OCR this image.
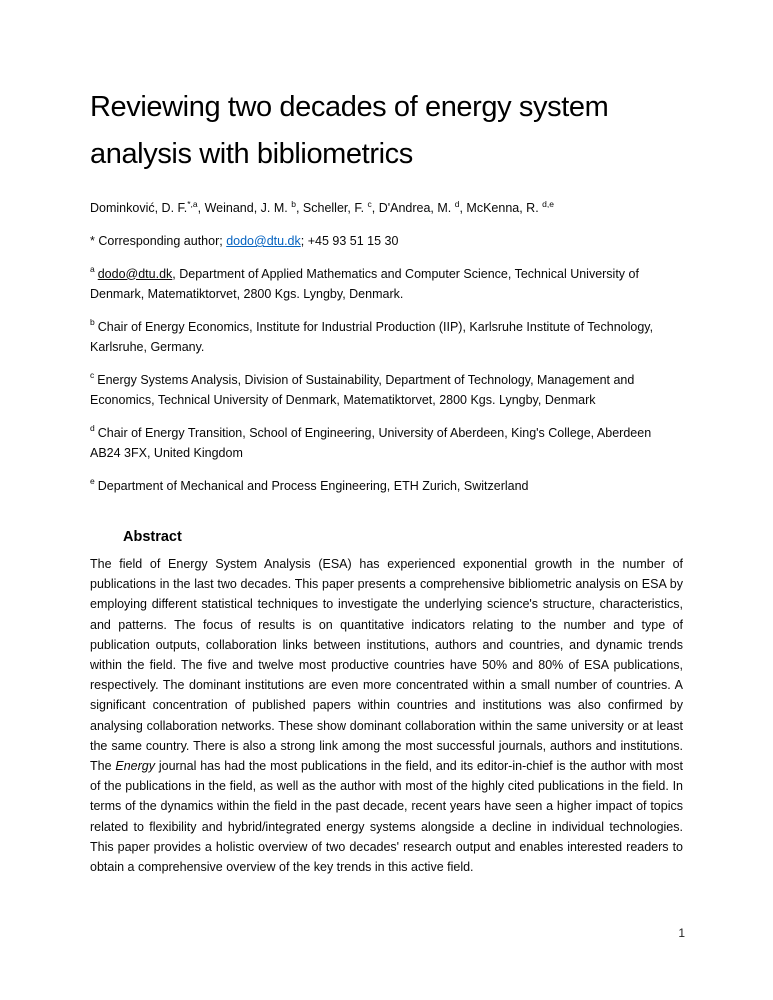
Reviewing two decades of energy system
analysis with bibliometrics

Dominković, D. F.$^{*,a}$, Weinand, J. M. $^b$, Scheller, F. $^c$, D'Andrea, M. $^d$, McKenna, R. $^{d,e}$

* Corresponding author; dodo@dtu.dk; +45 93 51 15 30

$^a$ dodo@dtu.dk, Department of Applied Mathematics and Computer Science, Technical University of Denmark, Matematiktorvet, 2800 Kgs. Lyngby, Denmark.

$^b$ Chair of Energy Economics, Institute for Industrial Production (IIP), Karlsruhe Institute of Technology, Karlsruhe, Germany.

$^c$ Energy Systems Analysis, Division of Sustainability, Department of Technology, Management and Economics, Technical University of Denmark, Matematiktorvet, 2800 Kgs. Lyngby, Denmark

$^d$ Chair of Energy Transition, School of Engineering, University of Aberdeen, King's College, Aberdeen AB24 3FX, United Kingdom

$^e$ Department of Mechanical and Process Engineering, ETH Zurich, Switzerland

Abstract

The field of Energy System Analysis (ESA) has experienced exponential growth in the number of publications in the last two decades. This paper presents a comprehensive bibliometric analysis on ESA by employing different statistical techniques to investigate the underlying science's structure, characteristics, and patterns. The focus of results is on quantitative indicators relating to the number and type of publication outputs, collaboration links between institutions, authors and countries, and dynamic trends within the field. The five and twelve most productive countries have 50% and 80% of ESA publications, respectively. The dominant institutions are even more concentrated within a small number of countries. A significant concentration of published papers within countries and institutions was also confirmed by analysing collaboration networks. These show dominant collaboration within the same university or at least the same country. There is also a strong link among the most successful journals, authors and institutions. The Energy journal has had the most publications in the field, and its editor-in-chief is the author with most of the publications in the field, as well as the author with most of the highly cited publications in the field. In terms of the dynamics within the field in the past decade, recent years have seen a higher impact of topics related to flexibility and hybrid/integrated energy systems alongside a decline in individual technologies. This paper provides a holistic overview of two decades' research output and enables interested readers to obtain a comprehensive overview of the key trends in this active field.

1
